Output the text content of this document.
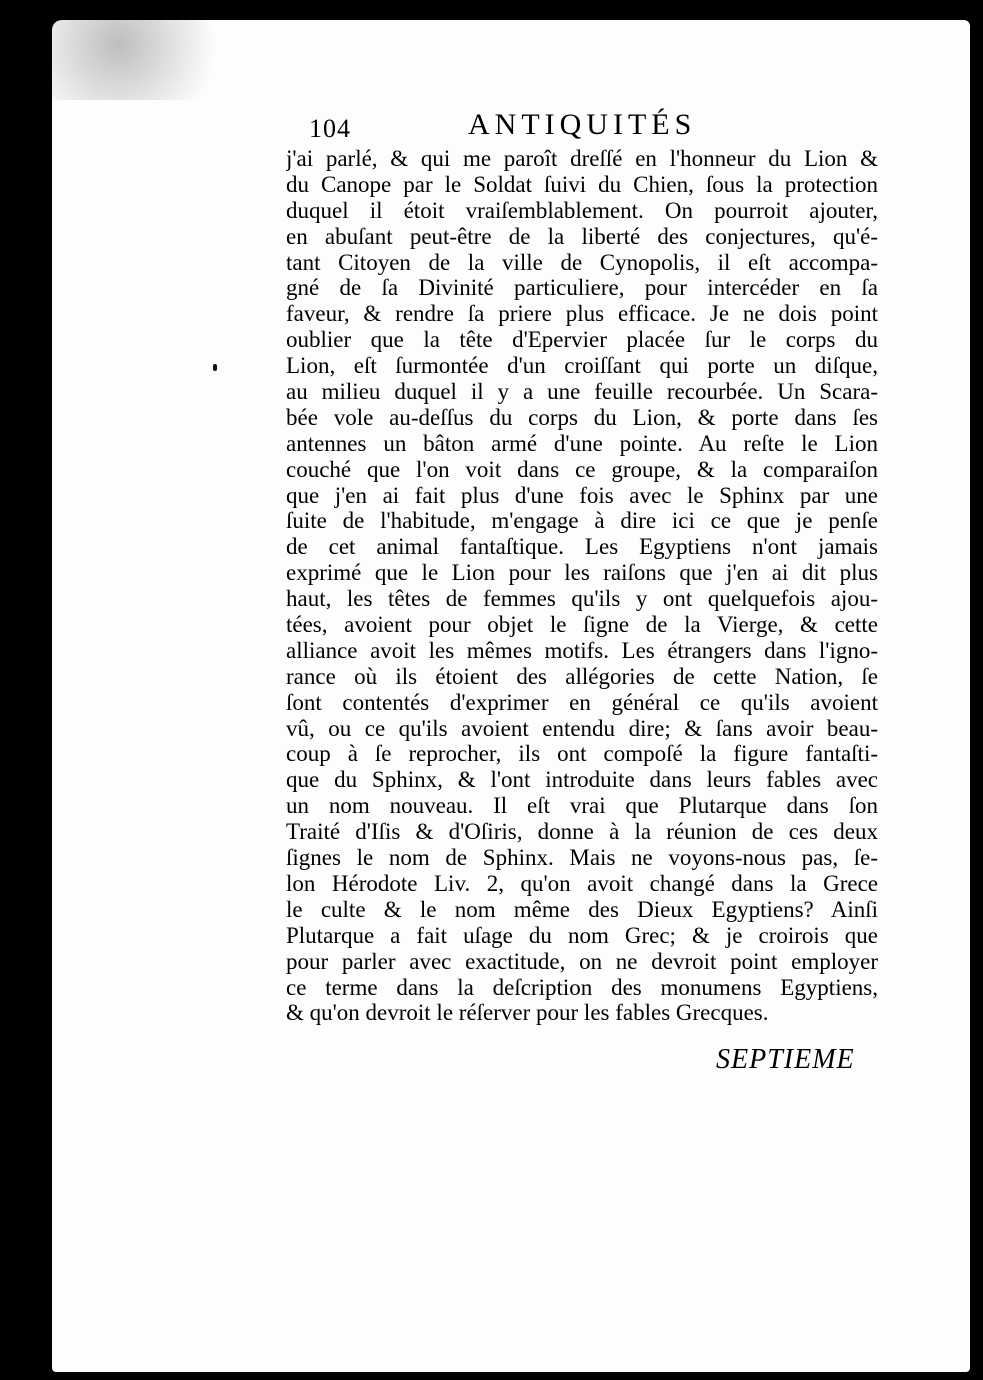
104	ANTIQUITÉS
j'ai parlé, & qui me paroît dreſſé en l'honneur du Lion &
du Canope par le Soldat ſuivi du Chien, ſous la protection
duquel il étoit vraiſemblablement. On pourroit ajouter,
en abuſant peut-être de la liberté des conjectures, qu'é-
tant Citoyen de la ville de Cynopolis, il eſt accompa-
gné de ſa Divinité particuliere, pour intercéder en ſa
faveur, & rendre ſa priere plus efficace. Je ne dois point
oublier que la tête d'Epervier placée ſur le corps du
Lion, eſt ſurmontée d'un croiſſant qui porte un diſque,
au milieu duquel il y a une feuille recourbée. Un Scara-
bée vole au-deſſus du corps du Lion, & porte dans ſes
antennes un bâton armé d'une pointe. Au reſte le Lion
couché que l'on voit dans ce groupe, & la comparaiſon
que j'en ai fait plus d'une fois avec le Sphinx par une
ſuite de l'habitude, m'engage à dire ici ce que je penſe
de cet animal fantaſtique. Les Egyptiens n'ont jamais
exprimé que le Lion pour les raiſons que j'en ai dit plus
haut, les têtes de femmes qu'ils y ont quelquefois ajou-
tées, avoient pour objet le ſigne de la Vierge, & cette
alliance avoit les mêmes motifs. Les étrangers dans l'igno-
rance où ils étoient des allégories de cette Nation, ſe
ſont contentés d'exprimer en général ce qu'ils avoient
vû, ou ce qu'ils avoient entendu dire; & ſans avoir beau-
coup à ſe reprocher, ils ont compoſé la figure fantaſti-
que du Sphinx, & l'ont introduite dans leurs fables avec
un nom nouveau. Il eſt vrai que Plutarque dans ſon
Traité d'Iſis & d'Oſiris, donne à la réunion de ces deux
ſignes le nom de Sphinx. Mais ne voyons-nous pas, ſe-
lon Hérodote Liv. 2, qu'on avoit changé dans la Grece
le culte & le nom même des Dieux Egyptiens? Ainſi
Plutarque a fait uſage du nom Grec; & je croirois que
pour parler avec exactitude, on ne devroit point employer
ce terme dans la deſcription des monumens Egyptiens,
& qu'on devroit le réſerver pour les fables Grecques.
SEPTIEME
